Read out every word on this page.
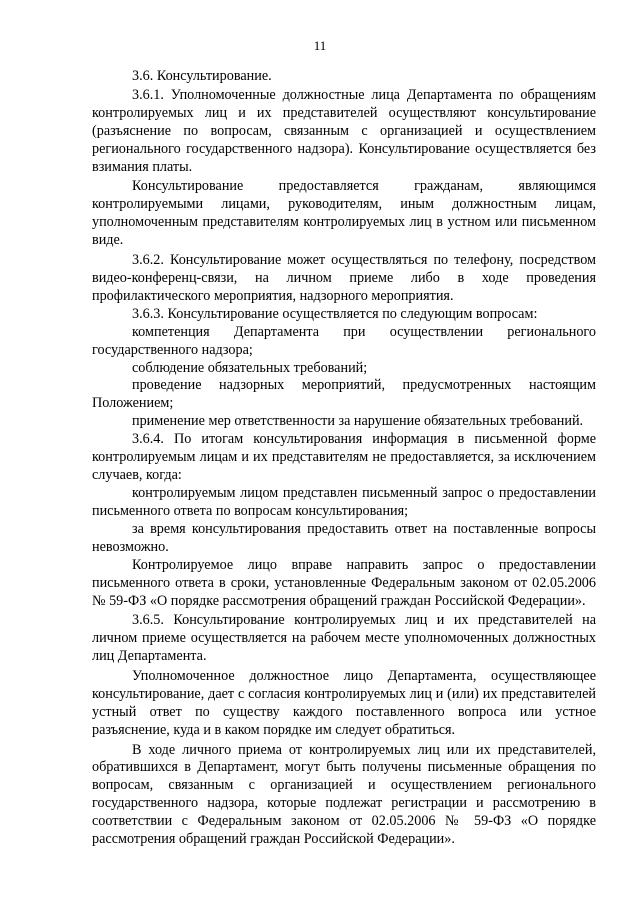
11

3.6. Консультирование.

3.6.1. Уполномоченные должностные лица Департамента по обращениям контролируемых лиц и их представителей осуществляют консультирование (разъяснение по вопросам, связанным с организацией и осуществлением регионального государственного надзора). Консультирование осуществляется без взимания платы.

Консультирование предоставляется гражданам, являющимся контролируемыми лицами, руководителям, иным должностным лицам, уполномоченным представителям контролируемых лиц в устном или письменном виде.

3.6.2. Консультирование может осуществляться по телефону, посредством видео-конференц-связи, на личном приеме либо в ходе проведения профилактического мероприятия, надзорного мероприятия.

3.6.3. Консультирование осуществляется по следующим вопросам:

компетенция Департамента при осуществлении регионального государственного надзора;

соблюдение обязательных требований;

проведение надзорных мероприятий, предусмотренных настоящим Положением;

применение мер ответственности за нарушение обязательных требований.

3.6.4. По итогам консультирования информация в письменной форме контролируемым лицам и их представителям не предоставляется, за исключением случаев, когда:

контролируемым лицом представлен письменный запрос о предоставлении письменного ответа по вопросам консультирования;

за время консультирования предоставить ответ на поставленные вопросы невозможно.

Контролируемое лицо вправе направить запрос о предоставлении письменного ответа в сроки, установленные Федеральным законом от 02.05.2006 № 59-ФЗ «О порядке рассмотрения обращений граждан Российской Федерации».

3.6.5. Консультирование контролируемых лиц и их представителей на личном приеме осуществляется на рабочем месте уполномоченных должностных лиц Департамента.

Уполномоченное должностное лицо Департамента, осуществляющее консультирование, дает с согласия контролируемых лиц и (или) их представителей устный ответ по существу каждого поставленного вопроса или устное разъяснение, куда и в каком порядке им следует обратиться.

В ходе личного приема от контролируемых лиц или их представителей, обратившихся в Департамент, могут быть получены письменные обращения по вопросам, связанным с организацией и осуществлением регионального государственного надзора, которые подлежат регистрации и рассмотрению в соответствии с Федеральным законом от 02.05.2006 № 59-ФЗ «О порядке рассмотрения обращений граждан Российской Федерации».
